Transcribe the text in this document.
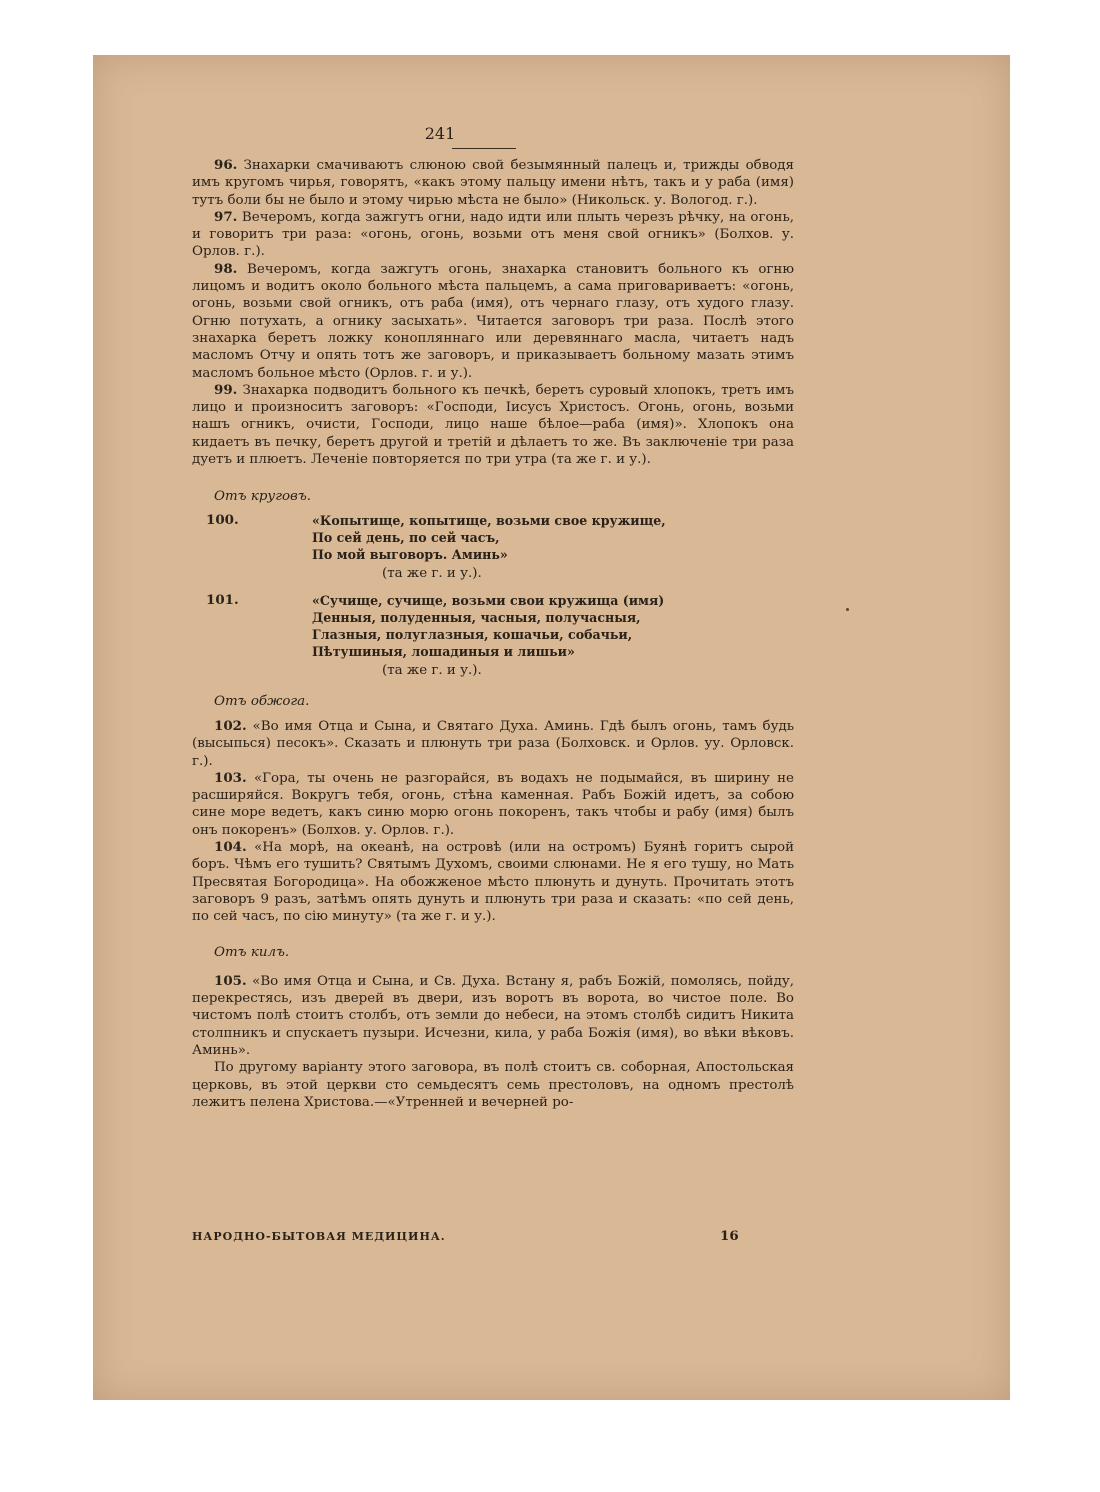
241

96. Знахарки смачиваютъ слюною свой безымянный палецъ и, трижды обводя имъ кругомъ чирья, говорятъ, «какъ этому пальцу имени нѣтъ, такъ и у раба (имя) тутъ боли бы не было и этому чирью мѣста не было» (Никольск. у. Вологод. г.).

97. Вечеромъ, когда зажгутъ огни, надо идти или плыть черезъ рѣчку, на огонь, и говоритъ три раза: «огонь, огонь, возьми отъ меня свой огникъ» (Болхов. у. Орлов. г.).

98. Вечеромъ, когда зажгутъ огонь, знахарка становитъ больного къ огню лицомъ и водитъ около больного мѣста пальцемъ, а сама приговариваетъ: «огонь, огонь, возьми свой огникъ, отъ раба (имя), отъ чернаго глазу, отъ худого глазу. Огню потухать, а огнику засыхать». Читается заговоръ три раза. Послѣ этого знахарка беретъ ложку конопляннаго или деревяннаго масла, читаетъ надъ масломъ Отчу и опять тотъ же заговоръ, и приказываетъ больному мазать этимъ масломъ больное мѣсто (Орлов. г. и у.).

99. Знахарка подводитъ больного къ печкѣ, беретъ суровый хлопокъ, третъ имъ лицо и произноситъ заговоръ: «Господи, Іисусъ Христосъ. Огонь, огонь, возьми нашъ огникъ, очисти, Господи, лицо наше бѣлое—раба (имя)». Хлопокъ она кидаетъ въ печку, беретъ другой и третій и дѣлаетъ то же. Въ заключеніе три раза дуетъ и плюетъ. Леченіе повторяется по три утра (та же г. и у.).

Отъ круговъ.

100.	«Копытище, копытище, возьми свое кружище,
По сей день, по сей часъ,
По мой выговоръ. Аминь»
(та же г. и у.).
101.	«Сучище, сучище, возьми свои кружища (имя)
Денныя, полуденныя, часныя, получасныя,
Глазныя, полуглазныя, кошачьи, собачьи,
Пѣтушиныя, лошадиныя и лишьи»
(та же г. и у.).

Отъ обжога.

102. «Во имя Отца и Сына, и Святаго Духа. Аминь. Гдѣ былъ огонь, тамъ будь (высыпься) песокъ». Сказать и плюнуть три раза (Болховск. и Орлов. уу. Орловск. г.).

103. «Гора, ты очень не разгорайся, въ водахъ не подымайся, въ ширину не расширяйся. Вокругъ тебя, огонь, стѣна каменная. Рабъ Божій идетъ, за собою сине море ведетъ, какъ синю морю огонь покоренъ, такъ чтобы и рабу (имя) былъ онъ покоренъ» (Болхов. у. Орлов. г.).

104. «На морѣ, на океанѣ, на островѣ (или на остромъ) Буянѣ горитъ сырой боръ. Чѣмъ его тушить? Святымъ Духомъ, своими слюнами. Не я его тушу, но Мать Пресвятая Богородица». На обожженое мѣсто плюнуть и дунуть. Прочитать этотъ заговоръ 9 разъ, затѣмъ опять дунуть и плюнуть три раза и сказать: «по сей день, по сей часъ, по сію минуту» (та же г. и у.).

Отъ килъ.

105. «Во имя Отца и Сына, и Св. Духа. Встану я, рабъ Божій, помолясь, пойду, перекрестясь, изъ дверей въ двери, изъ воротъ въ ворота, во чистое поле. Во чистомъ полѣ стоитъ столбъ, отъ земли до небеси, на этомъ столбѣ сидитъ Никита столпникъ и спускаетъ пузыри. Исчезни, кила, у раба Божія (имя), во вѣки вѣковъ. Аминь».

По другому варіанту этого заговора, въ полѣ стоитъ св. соборная, Апостольская церковь, въ этой церкви сто семьдесятъ семь престоловъ, на одномъ престолѣ лежитъ пелена Христова.—«Утренней и вечерней ро-

НАРОДНО-БЫТОВАЯ МЕДИЦИНА.	16
